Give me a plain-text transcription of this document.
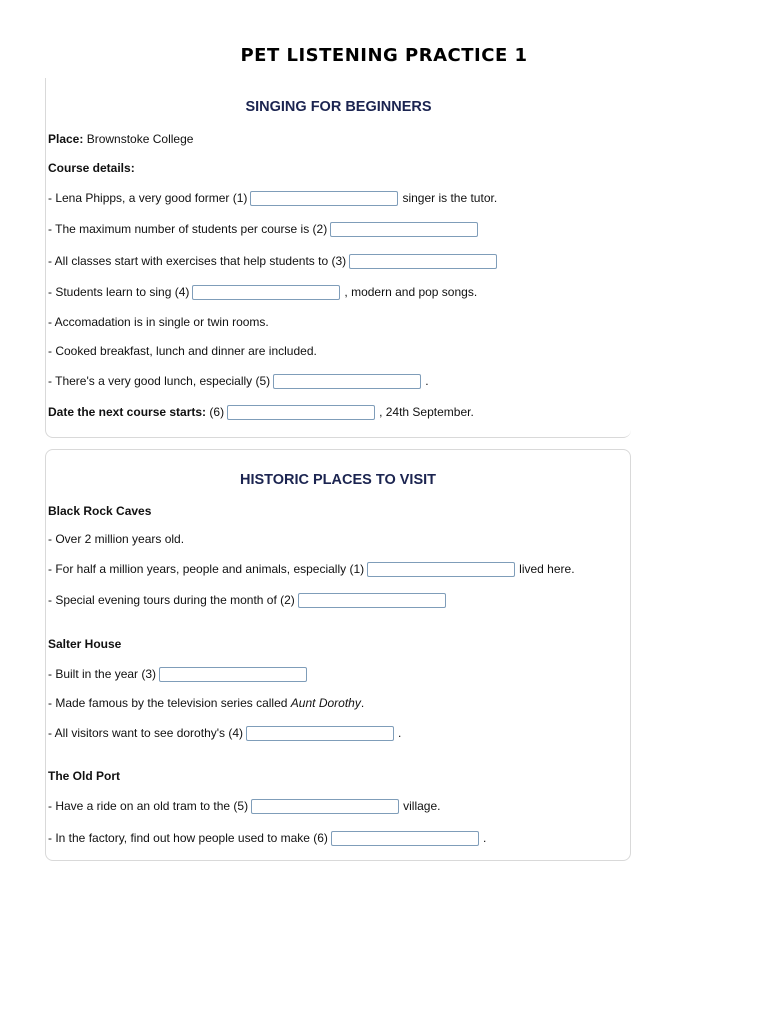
PET LISTENING PRACTICE 1
SINGING FOR BEGINNERS
Place: Brownstoke College
Course details:
- Lena Phipps, a very good former (1)	singer is the tutor.
- The maximum number of students per course is (2)
- All classes start with exercises that help students to (3)
- Students learn to sing (4)	, modern and pop songs.
- Accomadation is in single or twin rooms.
- Cooked breakfast, lunch and dinner are included.
- There's a very good lunch, especially (5)	.
Date the next course starts: (6)	, 24th September.
HISTORIC PLACES TO VISIT
Black Rock Caves
- Over 2 million years old.
- For half a million years, people and animals, especially (1)	lived here.
- Special evening tours during the month of (2)
Salter House
- Built in the year (3)
- Made famous by the television series called Aunt Dorothy .
- All visitors want to see dorothy's (4)	.
The Old Port
- Have a ride on an old tram to the (5)	village.
- In the factory, find out how people used to make (6)	.
